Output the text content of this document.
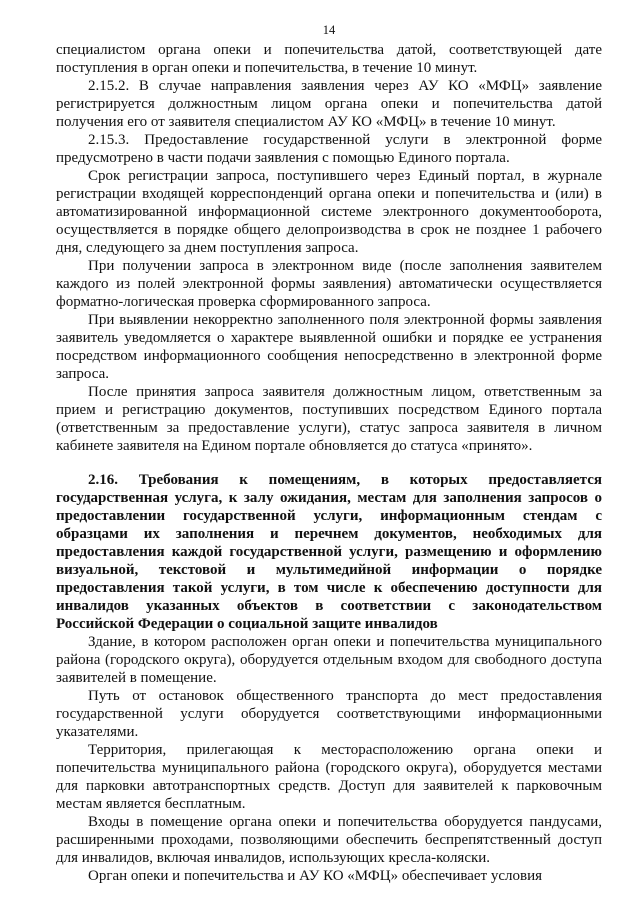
14

специалистом органа опеки и попечительства датой, соответствующей дате поступления в орган опеки и попечительства, в течение 10 минут.

2.15.2. В случае направления заявления через АУ КО «МФЦ» заявление регистрируется должностным лицом органа опеки и попечительства датой получения его от заявителя специалистом АУ КО «МФЦ» в течение 10 минут.

2.15.3. Предоставление государственной услуги в электронной форме предусмотрено в части подачи заявления с помощью Единого портала.

Срок регистрации запроса, поступившего через Единый портал, в журнале регистрации входящей корреспонденций органа опеки и попечительства и (или) в автоматизированной информационной системе электронного документооборота, осуществляется в порядке общего делопроизводства в срок не позднее 1 рабочего дня, следующего за днем поступления запроса.

При получении запроса в электронном виде (после заполнения заявителем каждого из полей электронной формы заявления) автоматически осуществляется форматно-логическая проверка сформированного запроса.

При выявлении некорректно заполненного поля электронной формы заявления заявитель уведомляется о характере выявленной ошибки и порядке ее устранения посредством информационного сообщения непосредственно в электронной форме запроса.

После принятия запроса заявителя должностным лицом, ответственным за прием и регистрацию документов, поступивших посредством Единого портала (ответственным за предоставление услуги), статус запроса заявителя в личном кабинете заявителя на Едином портале обновляется до статуса «принято».

2.16. Требования к помещениям, в которых предоставляется государственная услуга, к залу ожидания, местам для заполнения запросов о предоставлении государственной услуги, информационным стендам с образцами их заполнения и перечнем документов, необходимых для предоставления каждой государственной услуги, размещению и оформлению визуальной, текстовой и мультимедийной информации о порядке предоставления такой услуги, в том числе к обеспечению доступности для инвалидов указанных объектов в соответствии с законодательством Российской Федерации о социальной защите инвалидов

Здание, в котором расположен орган опеки и попечительства муниципального района (городского округа), оборудуется отдельным входом для свободного доступа заявителей в помещение.

Путь от остановок общественного транспорта до мест предоставления государственной услуги оборудуется соответствующими информационными указателями.

Территория, прилегающая к месторасположению органа опеки и попечительства муниципального района (городского округа), оборудуется местами для парковки автотранспортных средств. Доступ для заявителей к парковочным местам является бесплатным.

Входы в помещение органа опеки и попечительства оборудуется пандусами, расширенными проходами, позволяющими обеспечить беспрепятственный доступ для инвалидов, включая инвалидов, использующих кресла-коляски.

Орган опеки и попечительства и АУ КО «МФЦ» обеспечивает условия
